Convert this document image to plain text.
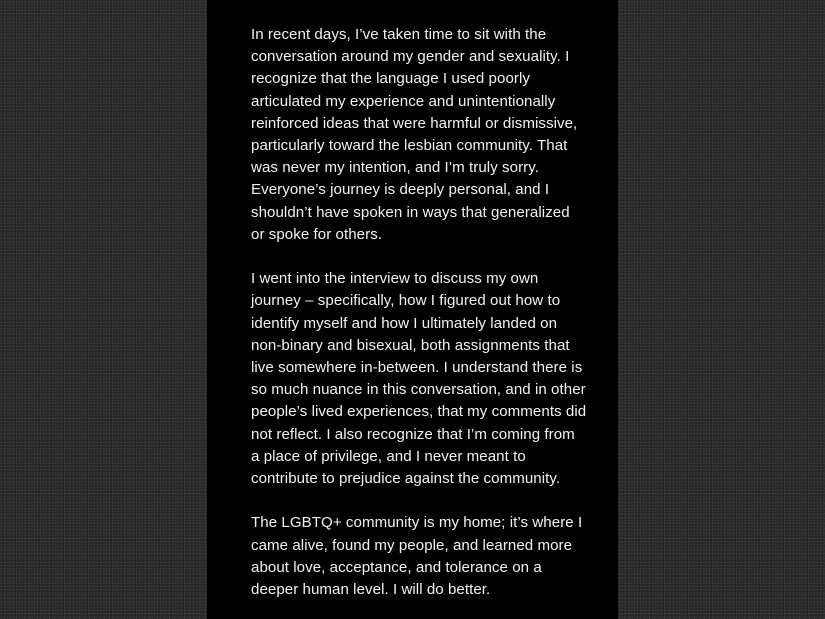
In recent days, I’ve taken time to sit with the
conversation around my gender and sexuality. I
recognize that the language I used poorly
articulated my experience and unintentionally
reinforced ideas that were harmful or dismissive,
particularly toward the lesbian community. That
was never my intention, and I’m truly sorry.
Everyone’s journey is deeply personal, and I
shouldn’t have spoken in ways that generalized
or spoke for others.

I went into the interview to discuss my own
journey – specifically, how I figured out how to
identify myself and how I ultimately landed on
non-binary and bisexual, both assignments that
live somewhere in-between. I understand there is
so much nuance in this conversation, and in other
people’s lived experiences, that my comments did
not reflect. I also recognize that I’m coming from
a place of privilege, and I never meant to
contribute to prejudice against the community.

The LGBTQ+ community is my home; it’s where I
came alive, found my people, and learned more
about love, acceptance, and tolerance on a
deeper human level. I will do better.
